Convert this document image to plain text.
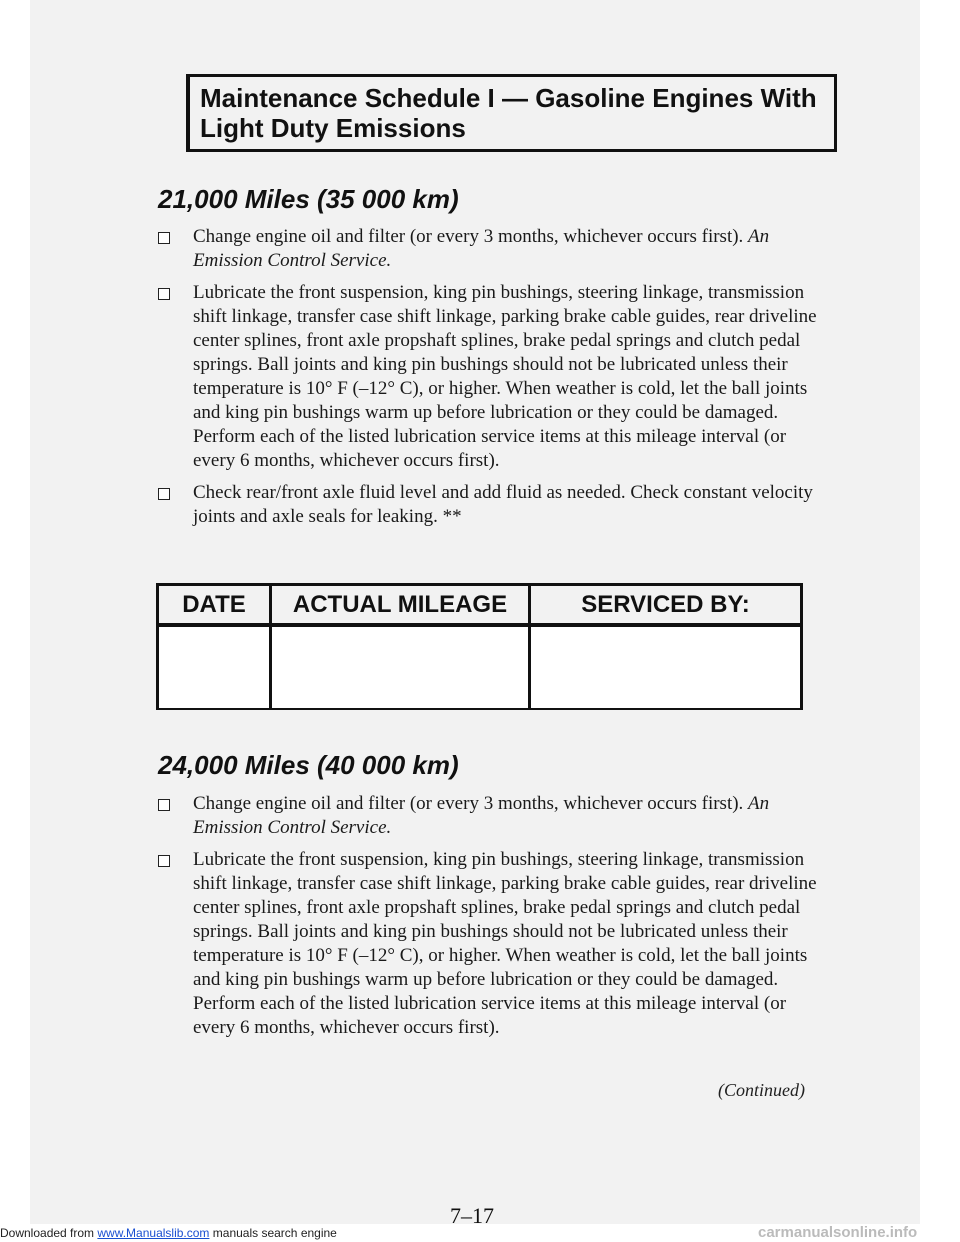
Maintenance Schedule I — Gasoline Engines With
Light Duty Emissions
21,000 Miles (35 000 km)
Change engine oil and filter (or every 3 months, whichever occurs first). An Emission Control Service.
Lubricate the front suspension, king pin bushings, steering linkage, transmission shift linkage, transfer case shift linkage, parking brake cable guides, rear driveline center splines, front axle propshaft splines, brake pedal springs and clutch pedal springs. Ball joints and king pin bushings should not be lubricated unless their temperature is 10° F (–12° C), or higher. When weather is cold, let the ball joints and king pin bushings warm up before lubrication or they could be damaged. Perform each of the listed lubrication service items at this mileage interval (or every 6 months, whichever occurs first).
Check rear/front axle fluid level and add fluid as needed. Check constant velocity joints and axle seals for leaking. **
DATE	ACTUAL MILEAGE	SERVICED BY:
24,000 Miles (40 000 km)
Change engine oil and filter (or every 3 months, whichever occurs first). An Emission Control Service.
Lubricate the front suspension, king pin bushings, steering linkage, transmission shift linkage, transfer case shift linkage, parking brake cable guides, rear driveline center splines, front axle propshaft splines, brake pedal springs and clutch pedal springs. Ball joints and king pin bushings should not be lubricated unless their temperature is 10° F (–12° C), or higher. When weather is cold, let the ball joints and king pin bushings warm up before lubrication or they could be damaged. Perform each of the listed lubrication service items at this mileage interval (or every 6 months, whichever occurs first).
(Continued)
7–17
Downloaded from www.Manualslib.com manuals search engine	carmanualsonline.info
